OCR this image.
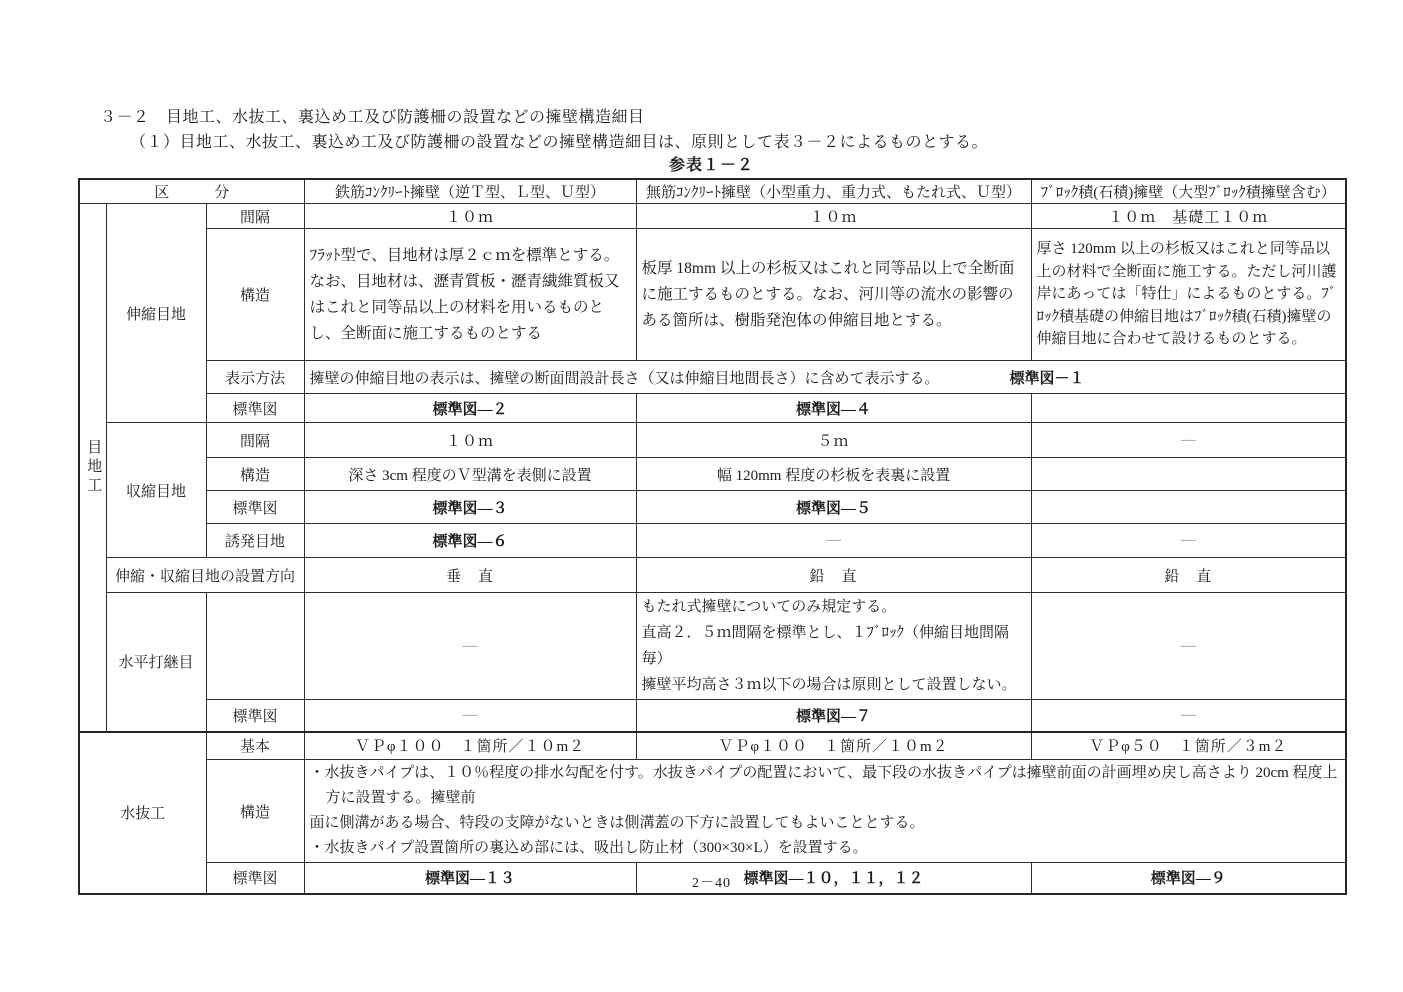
３－２　目地工、水抜工、裏込め工及び防護柵の設置などの擁壁構造細目
（１）目地工、水抜工、裏込め工及び防護柵の設置などの擁壁構造細目は、原則として表３－２によるものとする。
参表１－２
区　　　分			鉄筋ｺﾝｸﾘｰﾄ擁壁（逆Ｔ型、Ｌ型、Ｕ型）	無筋ｺﾝｸﾘｰﾄ擁壁（小型重力、重力式、もたれ式、Ｕ型）	ﾌﾞﾛｯｸ積(石積)擁壁（大型ﾌﾞﾛｯｸ積擁壁含む）

目地工	伸縮目地	間隔	１０ｍ	１０ｍ	１０ｍ　基礎工１０ｍ
		構造	ﾌﾗｯﾄ型で、目地材は厚２ｃｍを標準とする。なお、目地材は、瀝青質板・瀝青繊維質板又はこれと同等品以上の材料を用いるものとし、全断面に施工するものとする	板厚 18mm 以上の杉板又はこれと同等品以上で全断面に施工するものとする。なお、河川等の流水の影響のある箇所は、樹脂発泡体の伸縮目地とする。	厚さ 120mm 以上の杉板又はこれと同等品以上の材料で全断面に施工する。ただし河川護岸にあっては「特仕」によるものとする。ﾌﾞﾛｯｸ積基礎の伸縮目地はﾌﾞﾛｯｸ積(石積)擁壁の伸縮目地に合わせて設けるものとする。

		表示方法	擁壁の伸縮目地の表示は、擁壁の断面間設計長さ（又は伸縮目地間長さ）に含めて表示する。 標準図－１		

		標準図	標準図―２	標準図―４	
	収縮目地	間隔	１０ｍ	５ｍ	―
		構造	深さ 3cm 程度のＶ型溝を表側に設置	幅 120mm 程度の杉板を表裏に設置	
		標準図	標準図―３	標準図―５	
		誘発目地	標準図―６	―	―
	伸縮・収縮目地の設置方向		垂　直	鉛　直	鉛　直
	水平打継目		―	もたれ式擁壁についてのみ規定する。
直高２．５ｍ間隔を標準とし、１ﾌﾞﾛｯｸ（伸縮目地間隔毎）
擁壁平均高さ３ｍ以下の場合は原則として設置しない。	―
		標準図	―	標準図―７	―
水抜工		基本	ＶＰφ１００　１箇所／１０m２	ＶＰφ１００　１箇所／１０m２	ＶＰφ５０　１箇所／３m２
		構造	・水抜きパイプは、１０％程度の排水勾配を付す。水抜きパイプの配置において、最下段の水抜きパイプは擁壁前面の計画埋め戻し高さより 20cm 程度上方に設置する。擁壁前
面に側溝がある場合、特段の支障がないときは側溝蓋の下方に設置してもよいこととする。
・水抜きパイプ設置箇所の裏込め部には、吸出し防止材（300×30×L）を設置する。		

		標準図	標準図―１３	標準図―１０，１１，１２	標準図―９
2－40
